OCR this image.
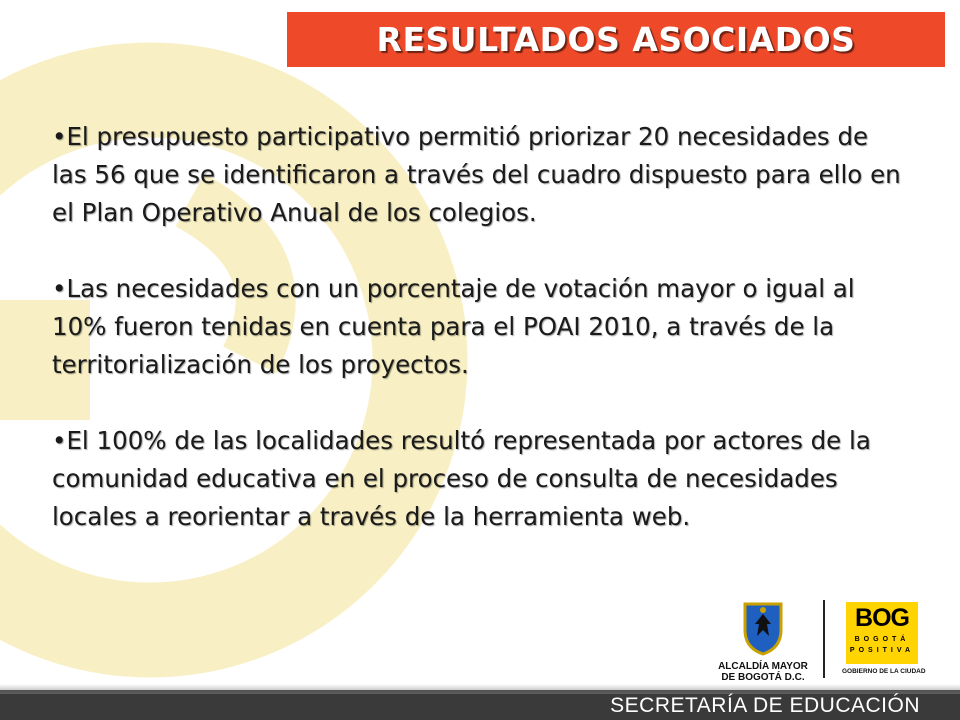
RESULTADOS ASOCIADOS

•El presupuesto participativo permitió priorizar 20 necesidades de las 56 que se identificaron a través del cuadro dispuesto para ello en el Plan Operativo Anual de los colegios.

•Las necesidades con un porcentaje de votación mayor o igual al 10% fueron tenidas en cuenta para el POAI 2010, a través de la territorialización de los proyectos.

•El 100% de las localidades resultó representada por actores de la comunidad educativa en el proceso de consulta de necesidades locales a reorientar a través de la herramienta web.

ALCALDÍA MAYOR
DE BOGOTÁ D.C.
BOG
BOGOTÁ
POSITIVA
GOBIERNO DE LA CIUDAD
SECRETARÍA DE EDUCACIÓN
